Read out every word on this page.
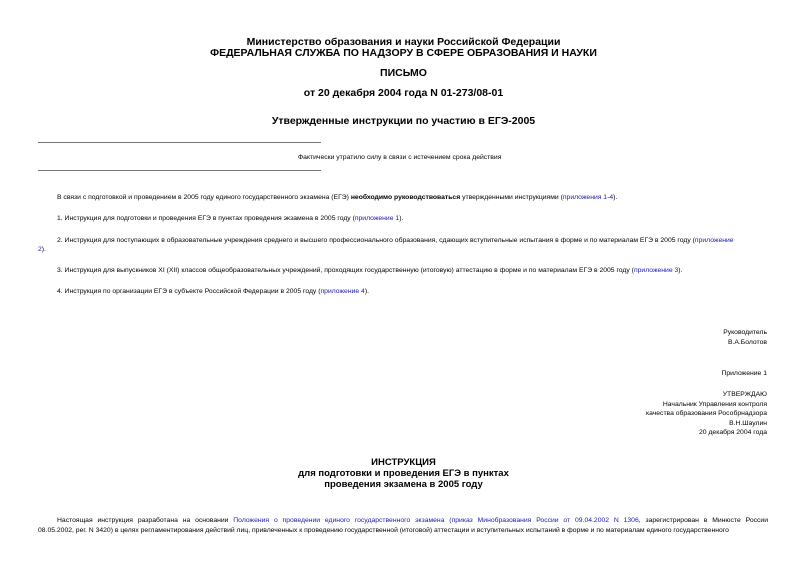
Министерство образования и науки Российской Федерации
ФЕДЕРАЛЬНАЯ СЛУЖБА ПО НАДЗОРУ В СФЕРЕ ОБРАЗОВАНИЯ И НАУКИ
ПИСЬМО
от 20 декабря 2004 года N 01-273/08-01
Утвержденные инструкции по участию в ЕГЭ-2005
Фактически утратило силу в связи с истечением срока действия
В связи с подготовкой и проведением в 2005 году единого государственного экзамена (ЕГЭ) необходимо руководствоваться утвержденными инструкциями (приложения 1-4).
1. Инструкция для подготовки и проведения ЕГЭ в пунктах проведения экзамена в 2005 году (приложение 1).
2. Инструкция для поступающих в образовательные учреждения среднего и высшего профессионального образования, сдающих вступительные испытания в форме и по материалам ЕГЭ в 2005 году (приложение
2).
3. Инструкция для выпускников XI (XII) классов общеобразовательных учреждений, проходящих государственную (итоговую) аттестацию в форме и по материалам ЕГЭ в 2005 году (приложение 3).
4. Инструкция по организации ЕГЭ в субъекте Российской Федерации в 2005 году (приложение 4).
Руководитель
В.А.Болотов
Приложение 1
УТВЕРЖДАЮ
Начальник Управления контроля
качества образования Рособрнадзора
В.Н.Шаулин
20 декабря 2004 года
ИНСТРУКЦИЯ
для подготовки и проведения ЕГЭ в пунктах
проведения экзамена в 2005 году
Настоящая инструкция разработана на основании Положения о проведении единого государственного экзамена (приказ Минобразования России от 09.04.2002 N 1306, зарегистрирован в Минюсте России
08.05.2002, рег. N 3420) в целях регламентирования действий лиц, привлеченных к проведению государственной (итоговой) аттестации и вступительных испытаний в форме и по материалам единого государственного
